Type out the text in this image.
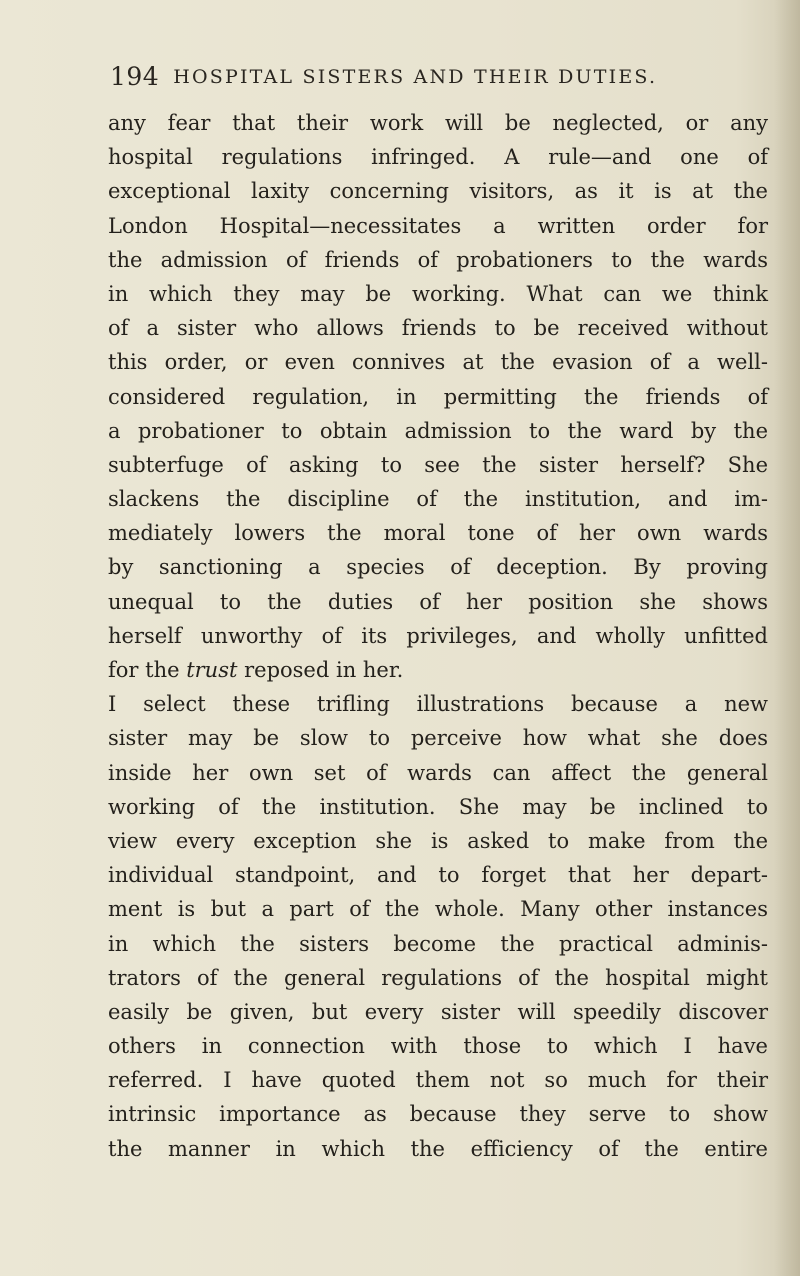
194 HOSPITAL SISTERS AND THEIR DUTIES.
any fear that their work will be neglected, or any
hospital regulations infringed. A rule—and one of
exceptional laxity concerning visitors, as it is at the
London Hospital—necessitates a written order for
the admission of friends of probationers to the wards
in which they may be working. What can we think
of a sister who allows friends to be received without
this order, or even connives at the evasion of a well-
considered regulation, in permitting the friends of
a probationer to obtain admission to the ward by the
subterfuge of asking to see the sister herself? She
slackens the discipline of the institution, and im-
mediately lowers the moral tone of her own wards
by sanctioning a species of deception. By proving
unequal to the duties of her position she shows
herself unworthy of its privileges, and wholly unfitted
for the trust reposed in her.
I select these trifling illustrations because a new
sister may be slow to perceive how what she does
inside her own set of wards can affect the general
working of the institution. She may be inclined to
view every exception she is asked to make from the
individual standpoint, and to forget that her depart-
ment is but a part of the whole. Many other instances
in which the sisters become the practical adminis-
trators of the general regulations of the hospital might
easily be given, but every sister will speedily discover
others in connection with those to which I have
referred. I have quoted them not so much for their
intrinsic importance as because they serve to show
the manner in which the efficiency of the entire
